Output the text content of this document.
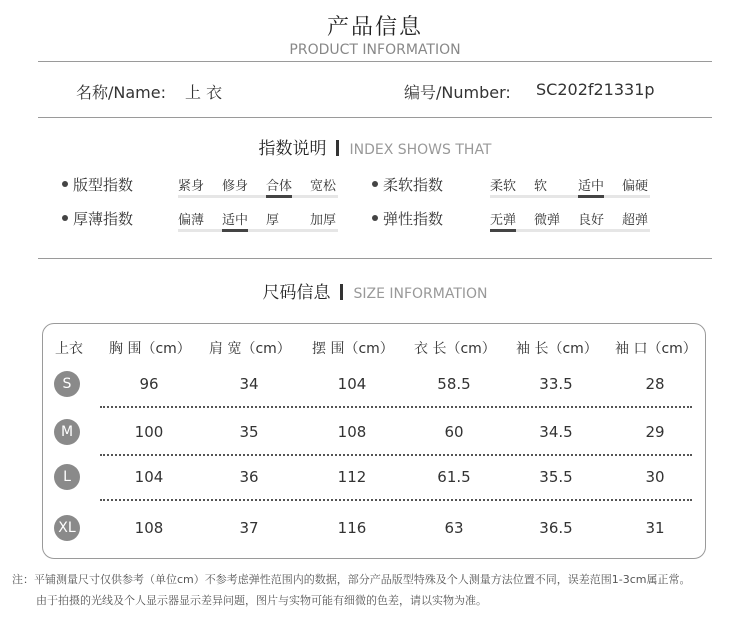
产品信息
PRODUCT INFORMATION
名称/Name: 上 衣	编号/Number: SC202f21331p
指数说明 INDEX SHOWS THAT
版型指数	紧身 修身 合体 宽松	柔软指数	柔软 软 适中 偏硬
厚薄指数	偏薄 适中 厚 加厚	弹性指数	无弹 微弹 良好 超弹
尺码信息 SIZE INFORMATION
上衣 胸 围（cm） 肩 宽（cm） 摆 围（cm） 衣 长（cm） 袖 长（cm） 袖 口（cm）
S	96	34	104	58.5	33.5	28
M	100	35	108	60	34.5	29
L	104	36	112	61.5	35.5	30
XL	108	37	116	63	36.5	31
注：平铺测量尺寸仅供参考（单位cm）不参考虑弹性范围内的数据，部分产品版型特殊及个人测量方法位置不同，误差范围1-3cm属正常。
由于拍摄的光线及个人显示器显示差异问题，图片与实物可能有细微的色差，请以实物为准。
